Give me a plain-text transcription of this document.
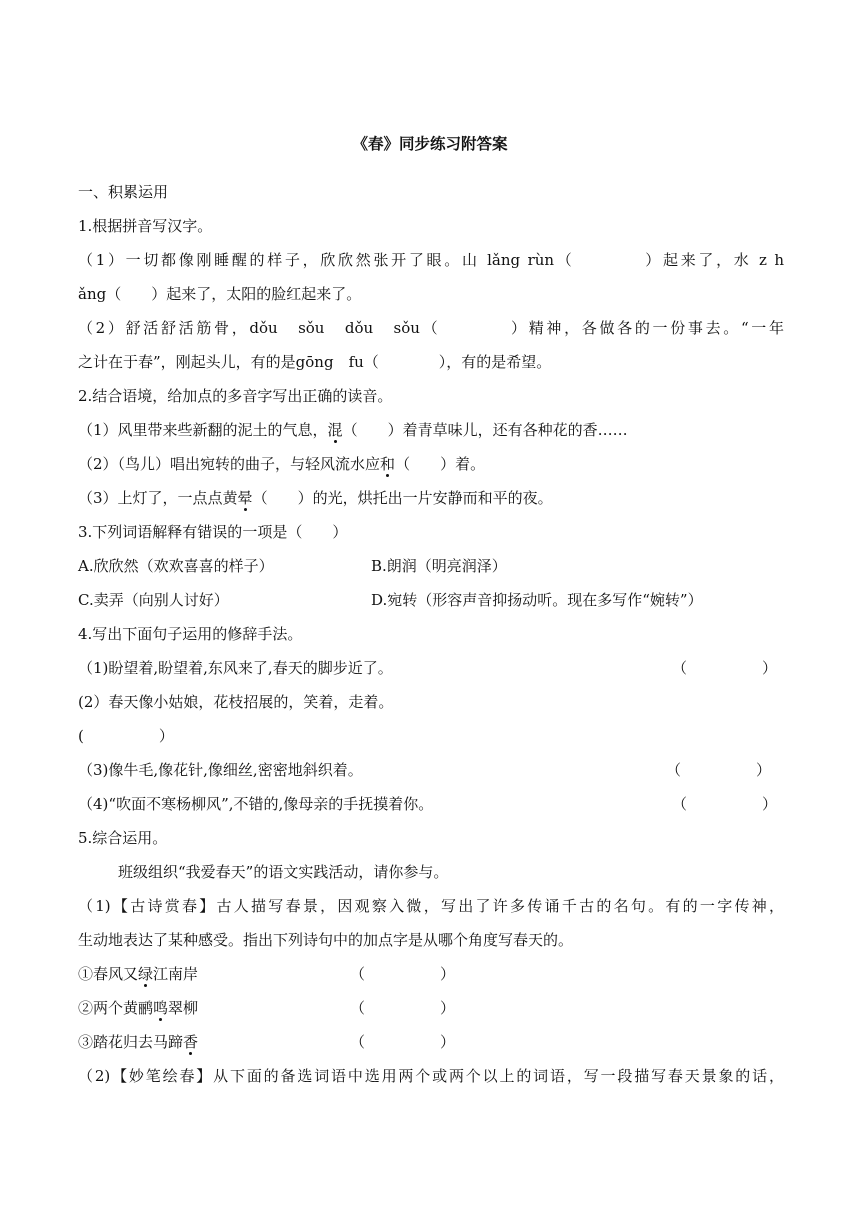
《春》同步练习附答案
一、积累运用
1.根据拼音写汉字。
（1）一切都像刚睡醒的样子，欣欣然张开了眼。山 lǎng rùn（　　　　）起来了，水 z h
ǎng（　　）起来了，太阳的脸红起来了。
（2）舒活舒活筋骨，dǒu　sǒu　dǒu　sǒu（　　　　）精神，各做各的一份事去。“一年
之计在于春”，刚起头儿，有的是gōng　fu（　　　　），有的是希望。
2.结合语境，给加点的多音字写出正确的读音。
（1）风里带来些新翻的泥土的气息，混（　　）着青草味儿，还有各种花的香……
（2）（鸟儿）唱出宛转的曲子，与轻风流水应和（　　）着。
（3）上灯了，一点点黄晕（　　）的光，烘托出一片安静而和平的夜。
3.下列词语解释有错误的一项是（　　）
A.欣欣然（欢欢喜喜的样子）	B.朗润（明亮润泽）
C.卖弄（向别人讨好）	D.宛转（形容声音抑扬动听。现在多写作“婉转”）
4.写出下面句子运用的修辞手法。
（1)盼望着,盼望着,东风来了,春天的脚步近了。	（　　　　　）
(2）春天像小姑娘，花枝招展的，笑着，走着。
(　　　　　）
（3)像牛毛,像花针,像细丝,密密地斜织着。	（　　　　　）
（4)“吹面不寒杨柳风”,不错的,像母亲的手抚摸着你。	（　　　　　）
5.综合运用。
班级组织“我爱春天”的语文实践活动，请你参与。
（1)【古诗赏春】古人描写春景，因观察入微，写出了许多传诵千古的名句。有的一字传神，
生动地表达了某种感受。指出下列诗句中的加点字是从哪个角度写春天的。
①春风又绿江南岸	（　　　　　）
②两个黄鹂鸣翠柳	（　　　　　）
③踏花归去马蹄香	（　　　　　）
（2)【妙笔绘春】从下面的备选词语中选用两个或两个以上的词语，写一段描写春天景象的话，
